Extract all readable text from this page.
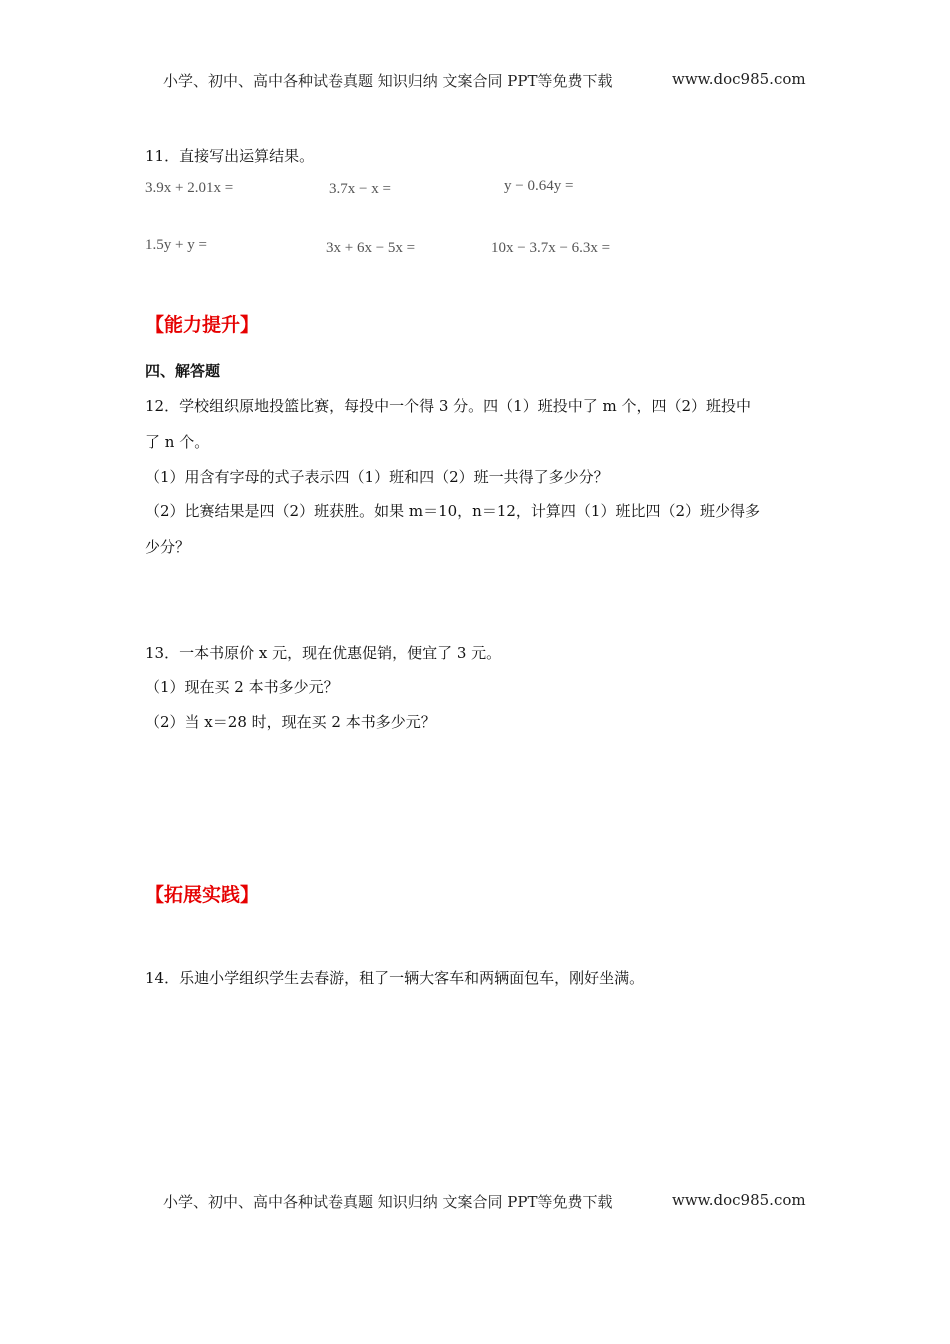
小学、初中、高中各种试卷真题 知识归纳 文案合同 PPT等免费下载	www.doc985.com
11．直接写出运算结果。
3.9x + 2.01x =	3.7x − x =	y − 0.64y =
1.5y + y =	3x + 6x − 5x =	10x − 3.7x − 6.3x =
【能力提升】
四、解答题
12．学校组织原地投篮比赛，每投中一个得 3 分。四（1）班投中了 m 个，四（2）班投中
了 n 个。
（1）用含有字母的式子表示四（1）班和四（2）班一共得了多少分？
（2）比赛结果是四（2）班获胜。如果 m＝10，n＝12，计算四（1）班比四（2）班少得多
少分？
13．一本书原价 x 元，现在优惠促销，便宜了 3 元。
（1）现在买 2 本书多少元？
（2）当 x＝28 时，现在买 2 本书多少元？
【拓展实践】
14．乐迪小学组织学生去春游，租了一辆大客车和两辆面包车，刚好坐满。
小学、初中、高中各种试卷真题 知识归纳 文案合同 PPT等免费下载	www.doc985.com
